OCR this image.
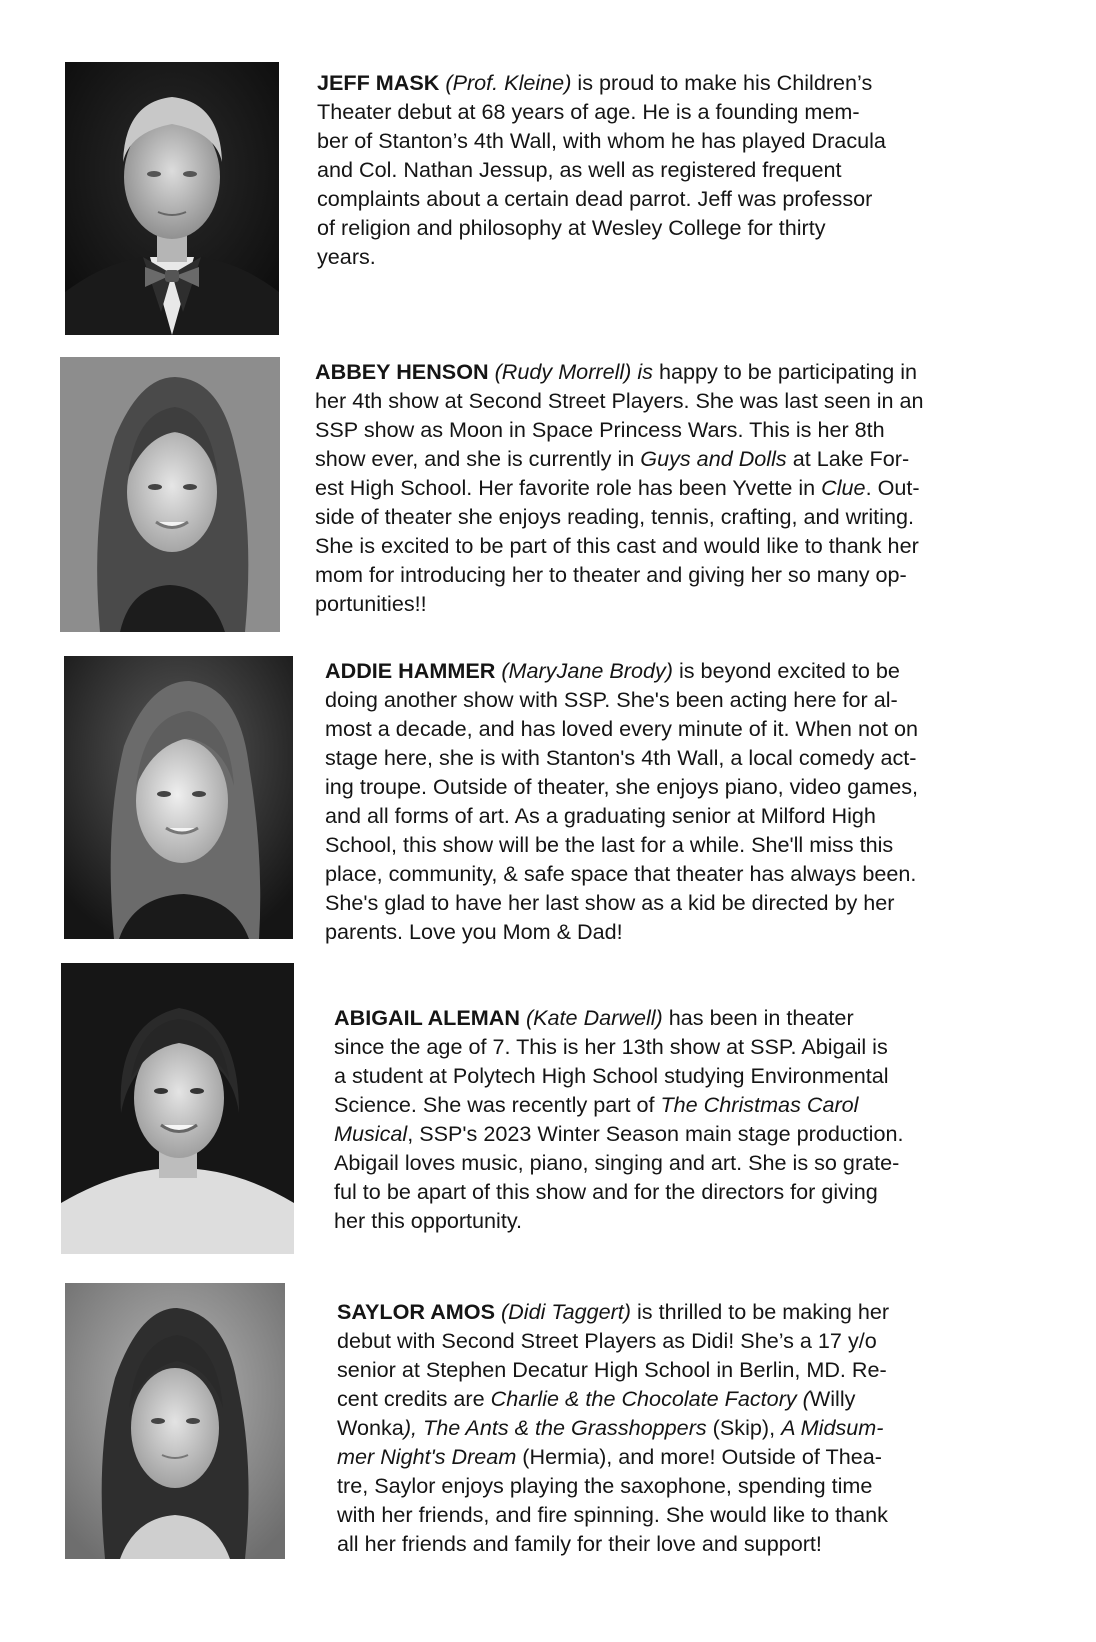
JEFF MASK (Prof. Kleine) is proud to make his Children’s
Theater debut at 68 years of age. He is a founding mem-
ber of Stanton’s 4th Wall, with whom he has played Dracula
and Col. Nathan Jessup, as well as registered frequent
complaints about a certain dead parrot. Jeff was professor
of religion and philosophy at Wesley College for thirty
years.

ABBEY HENSON (Rudy Morrell) is happy to be participating in
her 4th show at Second Street Players. She was last seen in an
SSP show as Moon in Space Princess Wars. This is her 8th
show ever, and she is currently in Guys and Dolls at Lake For-
est High School. Her favorite role has been Yvette in Clue. Out-
side of theater she enjoys reading, tennis, crafting, and writing.
She is excited to be part of this cast and would like to thank her
mom for introducing her to theater and giving her so many op-
portunities!!

ADDIE HAMMER (MaryJane Brody) is beyond excited to be
doing another show with SSP. She's been acting here for al-
most a decade, and has loved every minute of it. When not on
stage here, she is with Stanton's 4th Wall, a local comedy act-
ing troupe. Outside of theater, she enjoys piano, video games,
and all forms of art. As a graduating senior at Milford High
School, this show will be the last for a while. She'll miss this
place, community, & safe space that theater has always been.
She's glad to have her last show as a kid be directed by her
parents. Love you Mom & Dad!

ABIGAIL ALEMAN (Kate Darwell) has been in theater
since the age of 7. This is her 13th show at SSP. Abigail is
a student at Polytech High School studying Environmental
Science. She was recently part of The Christmas Carol
Musical, SSP's 2023 Winter Season main stage production.
Abigail loves music, piano, singing and art. She is so grate-
ful to be apart of this show and for the directors for giving
her this opportunity.

SAYLOR AMOS (Didi Taggert) is thrilled to be making her
debut with Second Street Players as Didi! She’s a 17 y/o
senior at Stephen Decatur High School in Berlin, MD. Re-
cent credits are Charlie & the Chocolate Factory (Willy
Wonka), The Ants & the Grasshoppers (Skip), A Midsum-
mer Night's Dream (Hermia), and more! Outside of Thea-
tre, Saylor enjoys playing the saxophone, spending time
with her friends, and fire spinning. She would like to thank
all her friends and family for their love and support!
